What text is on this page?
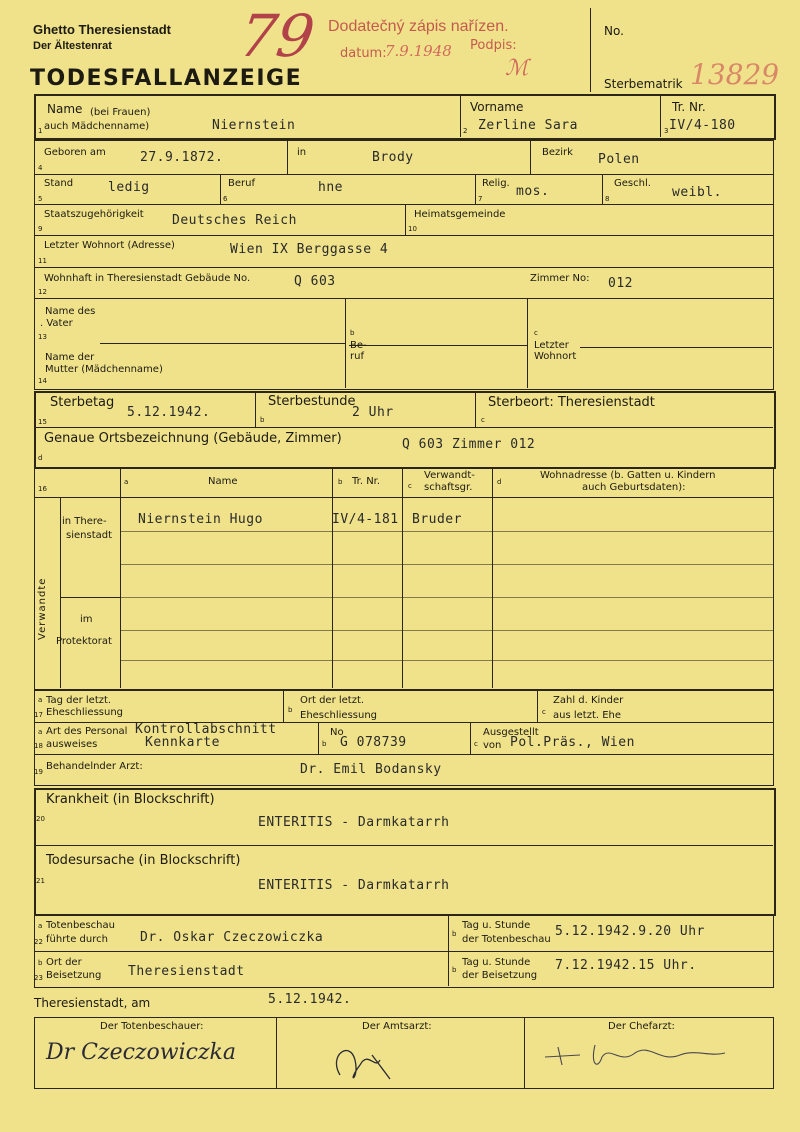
Ghetto Theresienstadt
Der Ältestenrat
TODESFALLANZEIGE
79 Dodatečný zápis nařízen.
datum:
7.9.1948 Podpis:
ℳ
No.
Sterbematrik 13829
Name (bei Frauen)
1 auch Mädchenname)	Niernstein
Vorname
2 Zerline Sara
Tr. Nr.
3 IV/4-180
Geboren am
4
27.9.1872.	in	Brody	Bezirk Polen
Stand
5
ledig
6
Beruf	hne	Relig.
7	mos.	8
Geschl.
weibl.
Staatszugehörigkeit
9
Deutsches Reich	Heimatsgemeinde
10
Letzter Wohnort (Adresse)
11
Wien IX Berggasse 4
Wohnhaft in Theresienstadt Gebäude No.
12
Q 603	Zimmer No: 012
Name des
. Vater
13
Name der
Mutter (Mädchenname)
14
b
Be-
ruf
c
Letzter
Wohnort
Sterbetag
15
5.12.1942.
Sterbestunde
b	2 Uhr
Sterbeort: Theresienstadt
c
Genaue Ortsbezeichnung (Gebäude, Zimmer)
d
Q 603 Zimmer 012
16
a	Name	b Tr. Nr.	c
Verwandt-
schaftsgr.	d
Wohnadresse (b. Gatten u. Kindern
auch Geburtsdaten):
Verwandte
in There-
sienstadt
im
Protektorat
Niernstein Hugo	IV/4-181 Bruder
a Tag der letzt.
17 Eheschliessung	b
Ort der letzt.
Eheschliessung	c
Zahl d. Kinder
aus letzt. Ehe
a Art des Personal
18 ausweises
Kontrollabschnitt
Kennkarte	b
No
G 078739	c
Ausgestellt
von Pol.Präs., Wien
19 Behandelnder Arzt:	Dr. Emil Bodansky
Krankheit (in Blockschrift)
20	ENTERITIS - Darmkatarrh
Todesursache (in Blockschrift)
21	ENTERITIS - Darmkatarrh
a Totenbeschau
22 führte durch Dr. Oskar Czeczowiczka	b
Tag u. Stunde
der Totenbeschau
5.12.1942.9.20 Uhr
b Ort der
23 Beisetzung Theresienstadt	b
Tag u. Stunde
der Beisetzung
7.12.1942.15 Uhr.
Theresienstadt, am	5.12.1942.
Der Totenbeschauer:	Der Amtsarzt:	Der Chefarzt:
Dr Czeczowiczka
